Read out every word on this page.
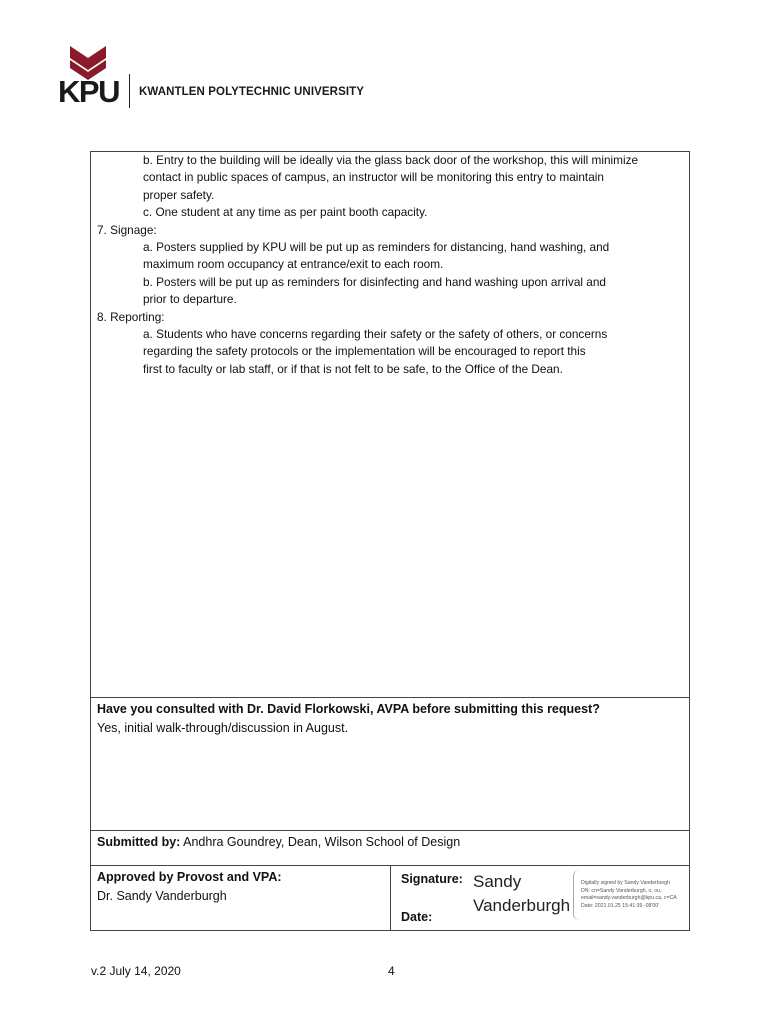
KPU KWANTLEN POLYTECHNIC UNIVERSITY

b. Entry to the building will be ideally via the glass back door of the workshop, this will minimize

contact in public spaces of campus, an instructor will be monitoring this entry to maintain

proper safety.

c. One student at any time as per paint booth capacity.

7. Signage:

a. Posters supplied by KPU will be put up as reminders for distancing, hand washing, and

maximum room occupancy at entrance/exit to each room.

b. Posters will be put up as reminders for disinfecting and hand washing upon arrival and

prior to departure.

8. Reporting:

a. Students who have concerns regarding their safety or the safety of others, or concerns

regarding the safety protocols or the implementation will be encouraged to report this

first to faculty or lab staff, or if that is not felt to be safe, to the Office of the Dean.

Have you consulted with Dr. David Florkowski, AVPA before submitting this request?

Yes, initial walk-through/discussion in August.

Submitted by: Andhra Goundrey, Dean, Wilson School of Design

Approved by Provost and VPA:

Dr. Sandy Vanderburgh

Signature:
Date:
Sandy
Vanderburgh
Digitally signed by Sandy Vanderburgh
DN: cn=Sandy Vanderburgh, o, ou,
email=sandy.vanderburgh@kpu.ca, c=CA
Date: 2021.01.25 15:41:39 -08'00'
v.2 July 14, 2020	4
